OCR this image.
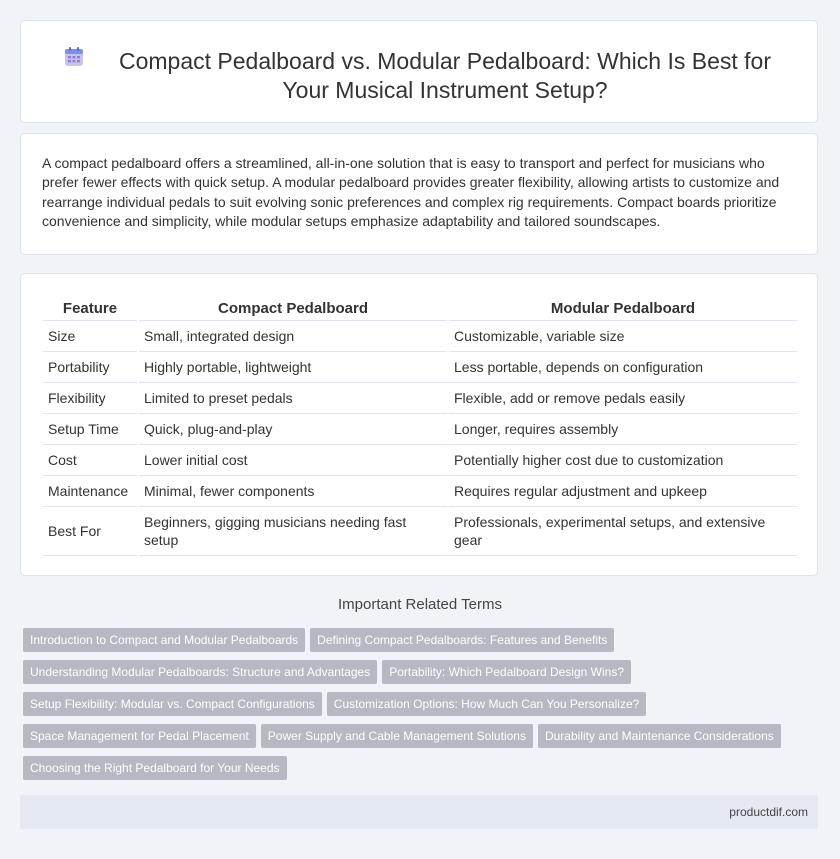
Compact Pedalboard vs. Modular Pedalboard: Which Is Best for Your Musical Instrument Setup?

A compact pedalboard offers a streamlined, all-in-one solution that is easy to transport and perfect for musicians who prefer fewer effects with quick setup. A modular pedalboard provides greater flexibility, allowing artists to customize and rearrange individual pedals to suit evolving sonic preferences and complex rig requirements. Compact boards prioritize convenience and simplicity, while modular setups emphasize adaptability and tailored soundscapes.

Feature	Compact Pedalboard	Modular Pedalboard
Size	Small, integrated design	Customizable, variable size
Portability	Highly portable, lightweight	Less portable, depends on configuration
Flexibility	Limited to preset pedals	Flexible, add or remove pedals easily
Setup Time	Quick, plug-and-play	Longer, requires assembly
Cost	Lower initial cost	Potentially higher cost due to customization
Maintenance	Minimal, fewer components	Requires regular adjustment and upkeep
Best For	Beginners, gigging musicians needing fast setup	Professionals, experimental setups, and extensive gear
Important Related Terms
Introduction to Compact and Modular Pedalboards Defining Compact Pedalboards: Features and Benefits
Understanding Modular Pedalboards: Structure and Advantages Portability: Which Pedalboard Design Wins?
Setup Flexibility: Modular vs. Compact Configurations Customization Options: How Much Can You Personalize?
Space Management for Pedal Placement Power Supply and Cable Management Solutions Durability and Maintenance Considerations
Choosing the Right Pedalboard for Your Needs
productdif.com
